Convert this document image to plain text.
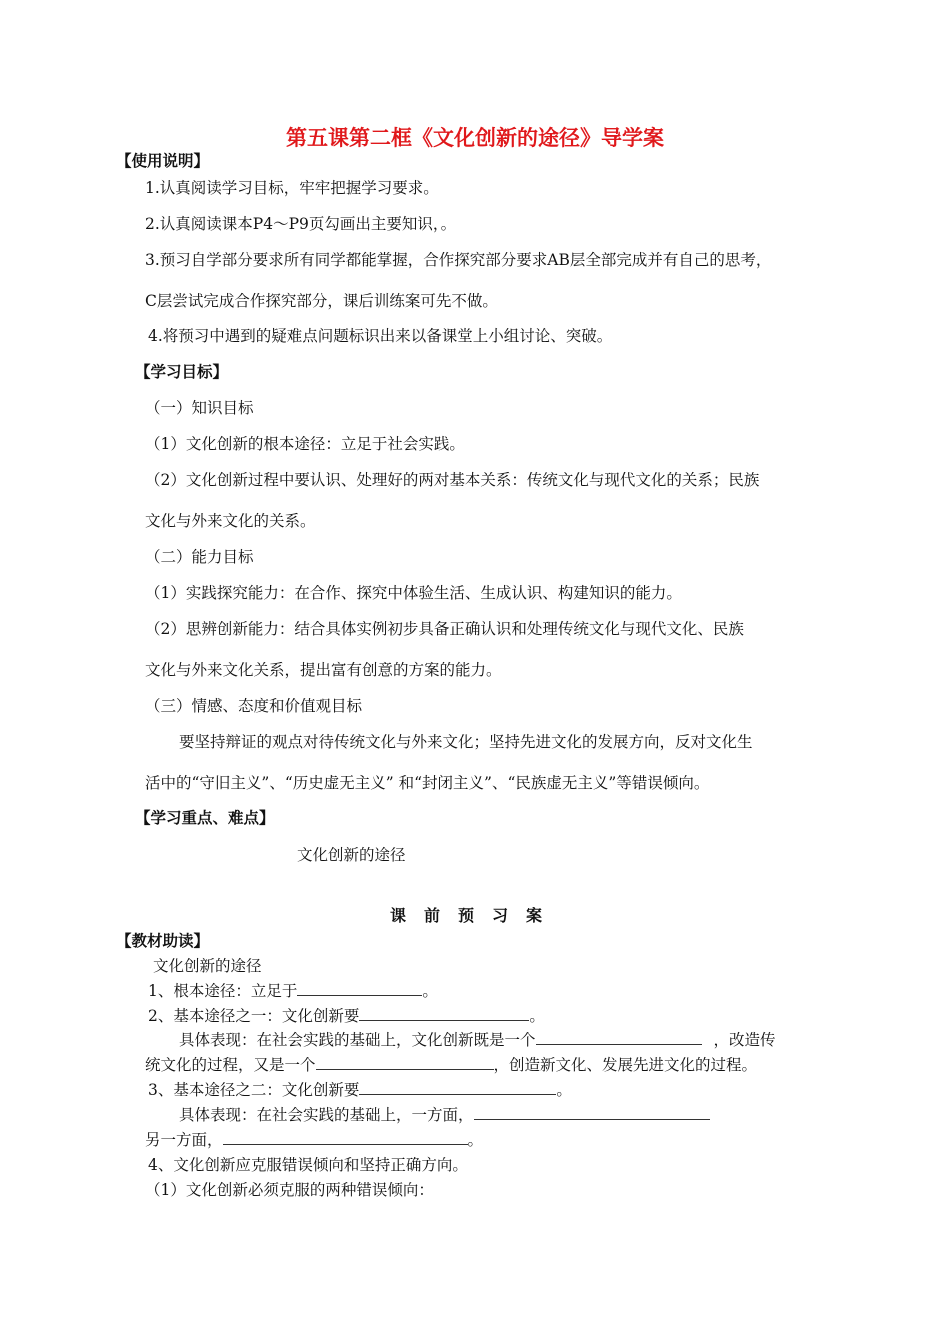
第五课第二框《文化创新的途径》导学案
【使用说明】
1.认真阅读学习目标，牢牢把握学习要求。
2.认真阅读课本P4～P9页勾画出主要知识，。
3.预习自学部分要求所有同学都能掌握，合作探究部分要求AB层全部完成并有自己的思考，
C层尝试完成合作探究部分，课后训练案可先不做。
4.将预习中遇到的疑难点问题标识出来以备课堂上小组讨论、突破。
【学习目标】
（一）知识目标
（1）文化创新的根本途径：立足于社会实践。
（2）文化创新过程中要认识、处理好的两对基本关系：传统文化与现代文化的关系；民族
文化与外来文化的关系。
（二）能力目标
（1）实践探究能力：在合作、探究中体验生活、生成认识、构建知识的能力。
（2）思辨创新能力：结合具体实例初步具备正确认识和处理传统文化与现代文化、民族
文化与外来文化关系，提出富有创意的方案的能力。
（三）情感、态度和价值观目标
要坚持辩证的观点对待传统文化与外来文化；坚持先进文化的发展方向，反对文化生
活中的“守旧主义”、“历史虚无主义” 和“封闭主义”、“民族虚无主义”等错误倾向。
【学习重点、难点】
文化创新的途径
课前预习案
【教材助读】
文化创新的途径
1、根本途径：立足于	。
2、基本途径之一：文化创新要	。
具体表现：在社会实践的基础上，文化创新既是一个	，改造传
统文化的过程，又是一个	，创造新文化、发展先进文化的过程。
3、基本途径之二：文化创新要	。
具体表现：在社会实践的基础上，一方面，
另一方面，	。
4、文化创新应克服错误倾向和坚持正确方向。
（1）文化创新必须克服的两种错误倾向：
